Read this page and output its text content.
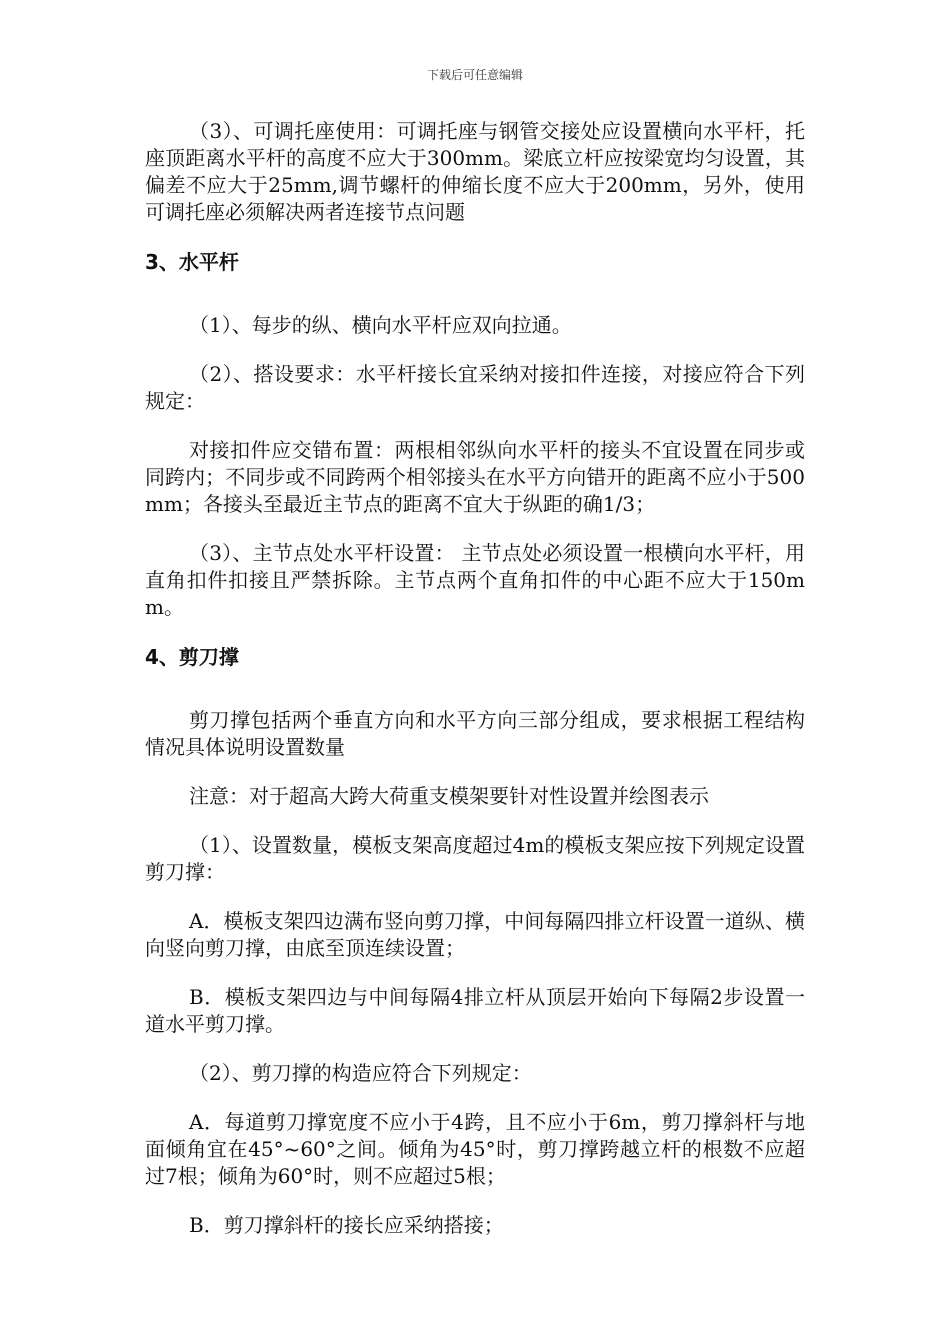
下载后可任意编辑

（3）、可调托座使用：可调托座与钢管交接处应设置横向水平杆，托座顶距离水平杆的高度不应大于300mm。梁底立杆应按梁宽均匀设置，其偏差不应大于25mm,调节螺杆的伸缩长度不应大于200mm，另外，使用可调托座必须解决两者连接节点问题

3、水平杆

（1）、每步的纵、横向水平杆应双向拉通。

（2）、搭设要求：水平杆接长宜采纳对接扣件连接，对接应符合下列规定：

对接扣件应交错布置：两根相邻纵向水平杆的接头不宜设置在同步或同跨内；不同步或不同跨两个相邻接头在水平方向错开的距离不应小于500mm；各接头至最近主节点的距离不宜大于纵距的确1/3；

（3）、主节点处水平杆设置： 主节点处必须设置一根横向水平杆，用直角扣件扣接且严禁拆除。主节点两个直角扣件的中心距不应大于150mm。

4、剪刀撑

剪刀撑包括两个垂直方向和水平方向三部分组成，要求根据工程结构情况具体说明设置数量

注意：对于超高大跨大荷重支模架要针对性设置并绘图表示

（1）、设置数量，模板支架高度超过4m的模板支架应按下列规定设置剪刀撑：

A．模板支架四边满布竖向剪刀撑，中间每隔四排立杆设置一道纵、横向竖向剪刀撑，由底至顶连续设置；

B．模板支架四边与中间每隔4排立杆从顶层开始向下每隔2步设置一道水平剪刀撑。

（2）、剪刀撑的构造应符合下列规定：

A．每道剪刀撑宽度不应小于4跨，且不应小于6m，剪刀撑斜杆与地面倾角宜在45°~60°之间。倾角为45°时，剪刀撑跨越立杆的根数不应超过7根；倾角为60°时，则不应超过5根；

B．剪刀撑斜杆的接长应采纳搭接；
